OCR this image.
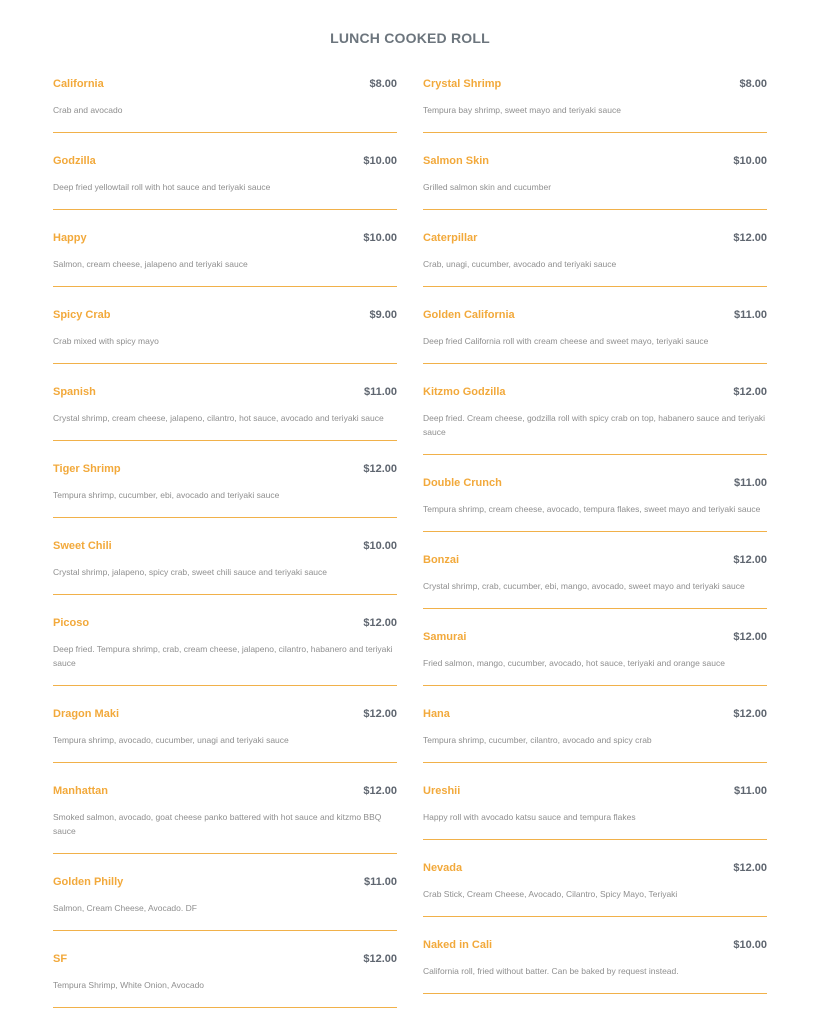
LUNCH COOKED ROLL
California	$8.00
Crab and avocado
Godzilla	$10.00
Deep fried yellowtail roll with hot sauce and teriyaki sauce
Happy	$10.00
Salmon, cream cheese, jalapeno and teriyaki sauce
Spicy Crab	$9.00
Crab mixed with spicy mayo
Spanish	$11.00
Crystal shrimp, cream cheese, jalapeno, cilantro, hot sauce, avocado and teriyaki sauce
Tiger Shrimp	$12.00
Tempura shrimp, cucumber, ebi, avocado and teriyaki sauce
Sweet Chili	$10.00
Crystal shrimp, jalapeno, spicy crab, sweet chili sauce and teriyaki sauce
Picoso	$12.00
Deep fried. Tempura shrimp, crab, cream cheese, jalapeno, cilantro, habanero and teriyaki sauce
Dragon Maki	$12.00
Tempura shrimp, avocado, cucumber, unagi and teriyaki sauce
Manhattan	$12.00
Smoked salmon, avocado, goat cheese panko battered with hot sauce and kitzmo BBQ sauce
Golden Philly	$11.00
Salmon, Cream Cheese, Avocado. DF
SF	$12.00
Tempura Shrimp, White Onion, Avocado
Crystal Shrimp	$8.00
Tempura bay shrimp, sweet mayo and teriyaki sauce
Salmon Skin	$10.00
Grilled salmon skin and cucumber
Caterpillar	$12.00
Crab, unagi, cucumber, avocado and teriyaki sauce
Golden California	$11.00
Deep fried California roll with cream cheese and sweet mayo, teriyaki sauce
Kitzmo Godzilla	$12.00
Deep fried. Cream cheese, godzilla roll with spicy crab on top, habanero sauce and teriyaki sauce
Double Crunch	$11.00
Tempura shrimp, cream cheese, avocado, tempura flakes, sweet mayo and teriyaki sauce
Bonzai	$12.00
Crystal shrimp, crab, cucumber, ebi, mango, avocado, sweet mayo and teriyaki sauce
Samurai	$12.00
Fried salmon, mango, cucumber, avocado, hot sauce, teriyaki and orange sauce
Hana	$12.00
Tempura shrimp, cucumber, cilantro, avocado and spicy crab
Ureshii	$11.00
Happy roll with avocado katsu sauce and tempura flakes
Nevada	$12.00
Crab Stick, Cream Cheese, Avocado, Cilantro, Spicy Mayo, Teriyaki
Naked in Cali	$10.00
California roll, fried without batter. Can be baked by request instead.
